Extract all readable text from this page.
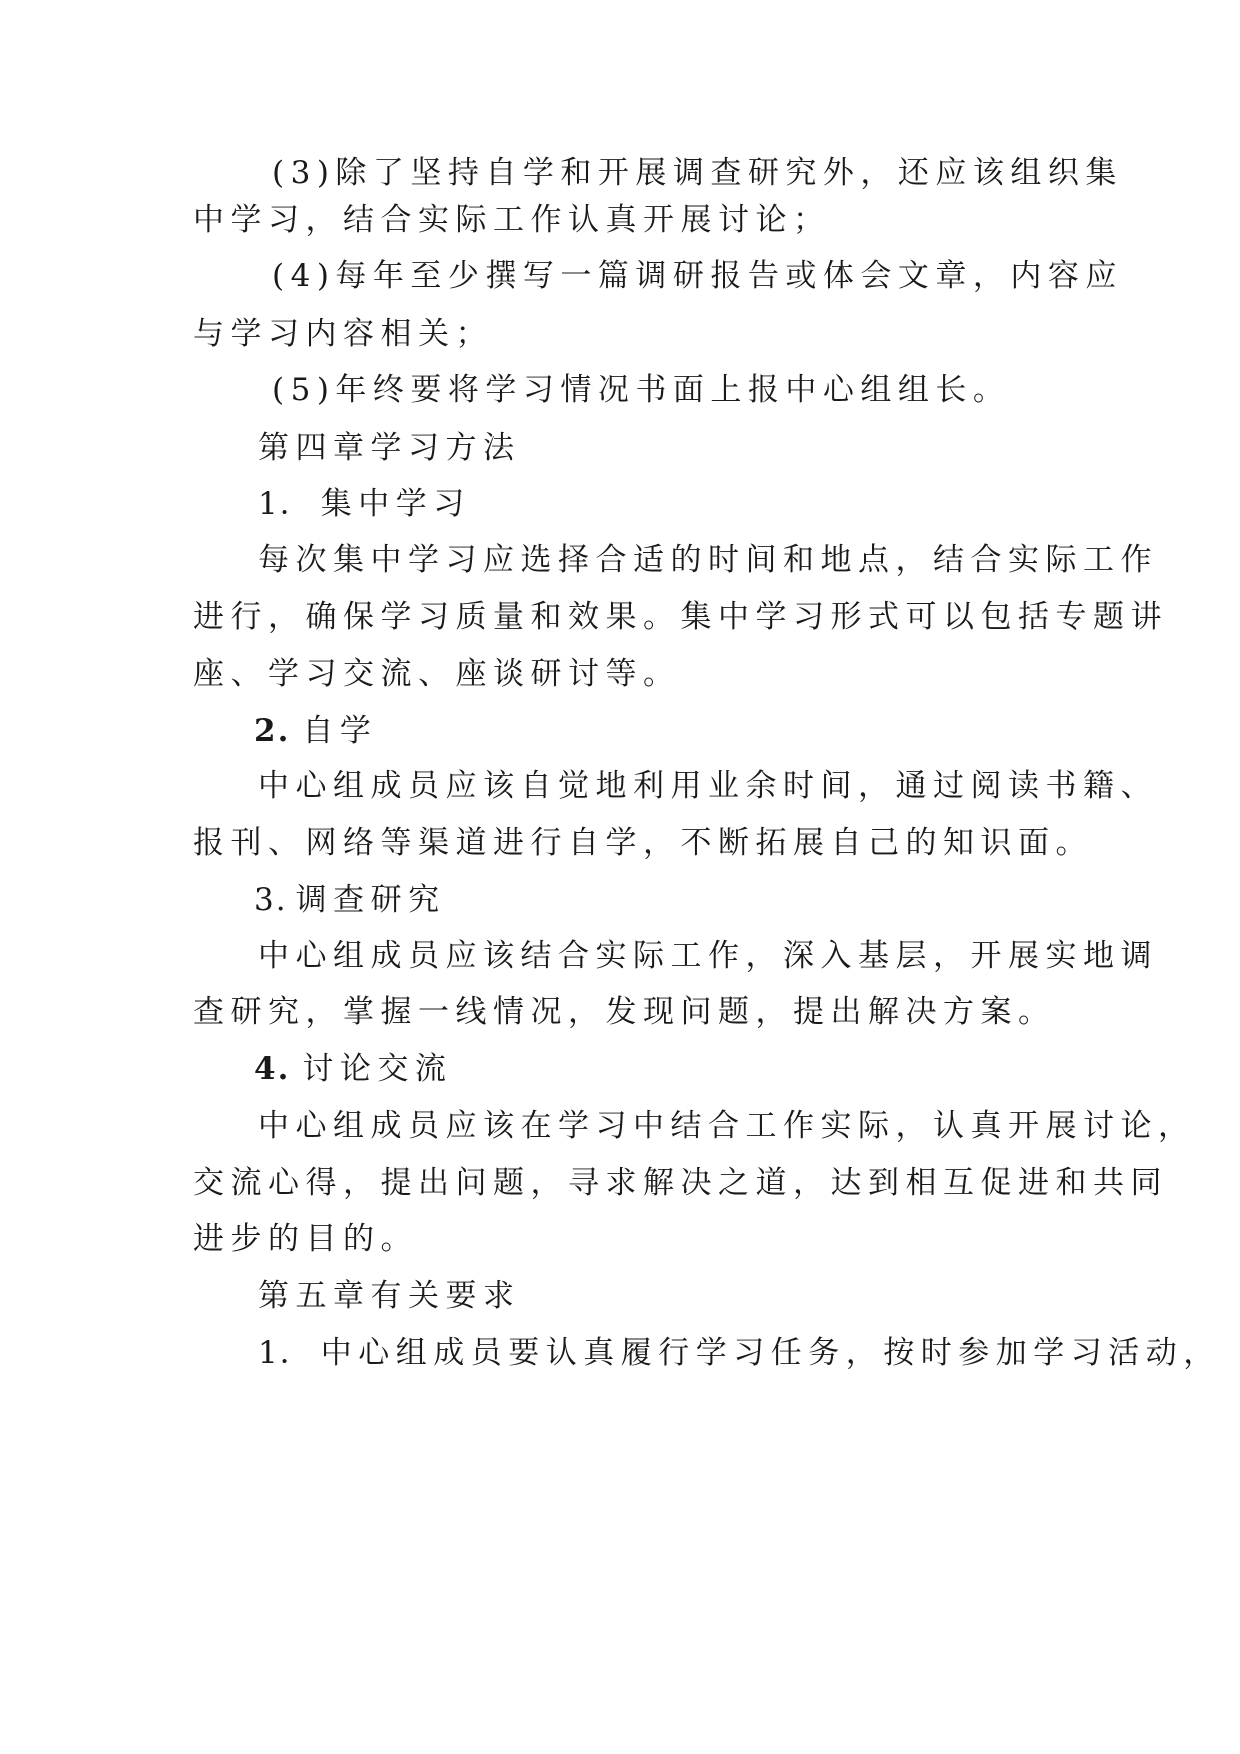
(3)除了坚持自学和开展调查研究外，还应该组织集
中学习，结合实际工作认真开展讨论；
(4)每年至少撰写一篇调研报告或体会文章，内容应
与学习内容相关；
(5)年终要将学习情况书面上报中心组组长。
第四章学习方法
1． 集中学习
每次集中学习应选择合适的时间和地点，结合实际工作
进行，确保学习质量和效果。集中学习形式可以包括专题讲
座、学习交流、座谈研讨等。
2. 自学
中心组成员应该自觉地利用业余时间，通过阅读书籍、
报刊、网络等渠道进行自学，不断拓展自己的知识面。
3. 调查研究
中心组成员应该结合实际工作，深入基层，开展实地调
查研究，掌握一线情况，发现问题，提出解决方案。
4. 讨论交流
中心组成员应该在学习中结合工作实际，认真开展讨论，
交流心得，提出问题，寻求解决之道，达到相互促进和共同
进步的目的。
第五章有关要求
1． 中心组成员要认真履行学习任务，按时参加学习活动，
